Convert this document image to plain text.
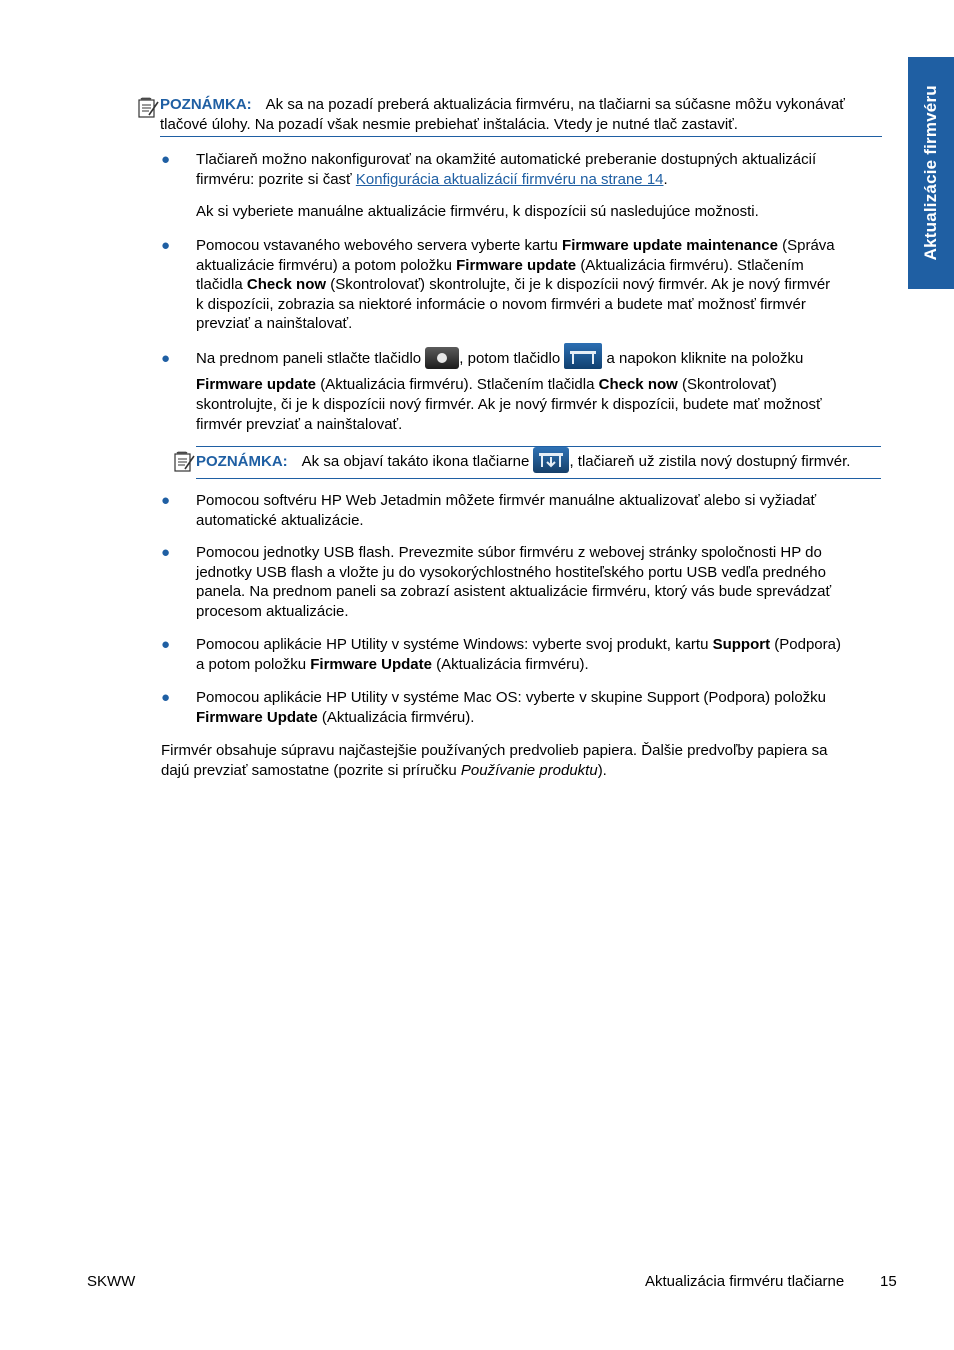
Aktualizácie firmvéru
POZNÁMKA: Ak sa na pozadí preberá aktualizácia firmvéru, na tlačiarni sa súčasne môžu vykonávať
tlačové úlohy. Na pozadí však nesmie prebiehať inštalácia. Vtedy je nutné tlač zastaviť.
● Tlačiareň možno nakonfigurovať na okamžité automatické preberanie dostupných aktualizácií
firmvéru: pozrite si časť Konfigurácia aktualizácií firmvéru na strane 14.
Ak si vyberiete manuálne aktualizácie firmvéru, k dispozícii sú nasledujúce možnosti.
● Pomocou vstavaného webového servera vyberte kartu Firmware update maintenance (Správa
aktualizácie firmvéru) a potom položku Firmware update (Aktualizácia firmvéru). Stlačením
tlačidla Check now (Skontrolovať) skontrolujte, či je k dispozícii nový firmvér. Ak je nový firmvér
k dispozícii, zobrazia sa niektoré informácie o novom firmvéri a budete mať možnosť firmvér
prevziať a nainštalovať.
● Na prednom paneli stlačte tlačidlo , potom tlačidlo	a napokon kliknite na položku
Firmware update (Aktualizácia firmvéru). Stlačením tlačidla Check now (Skontrolovať)
skontrolujte, či je k dispozícii nový firmvér. Ak je nový firmvér k dispozícii, budete mať možnosť
firmvér prevziať a nainštalovať.
POZNÁMKA: Ak sa objaví takáto ikona tlačiarne , tlačiareň už zistila nový dostupný firmvér.
● Pomocou softvéru HP Web Jetadmin môžete firmvér manuálne aktualizovať alebo si vyžiadať
automatické aktualizácie.
● Pomocou jednotky USB flash. Prevezmite súbor firmvéru z webovej stránky spoločnosti HP do
jednotky USB flash a vložte ju do vysokorýchlostného hostiteľského portu USB vedľa predného
panela. Na prednom paneli sa zobrazí asistent aktualizácie firmvéru, ktorý vás bude sprevádzať
procesom aktualizácie.
● Pomocou aplikácie HP Utility v systéme Windows: vyberte svoj produkt, kartu Support (Podpora)
a potom položku Firmware Update (Aktualizácia firmvéru).
● Pomocou aplikácie HP Utility v systéme Mac OS: vyberte v skupine Support (Podpora) položku
Firmware Update (Aktualizácia firmvéru).
Firmvér obsahuje súpravu najčastejšie používaných predvolieb papiera. Ďalšie predvoľby papiera sa
dajú prevziať samostatne (pozrite si príručku Používanie produktu).
SKWW	Aktualizácia firmvéru tlačiarne 15
